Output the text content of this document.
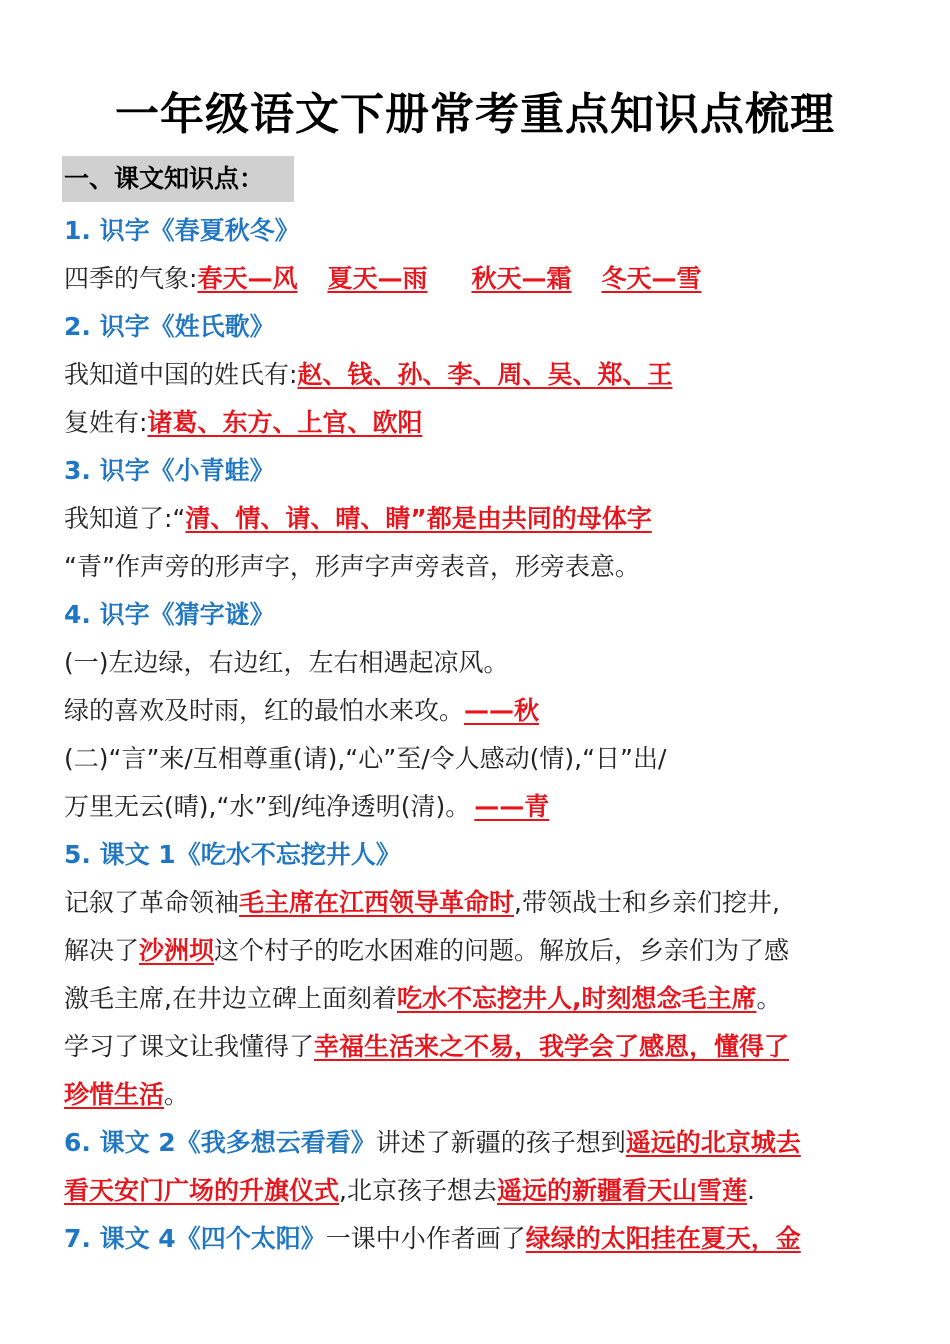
一年级语文下册常考重点知识点梳理
一、课文知识点：
1. 识字《春夏秋冬》
四季的气象:春天—风 夏天—雨 秋天—霜 冬天—雪
2. 识字《姓氏歌》
我知道中国的姓氏有:赵、钱、孙、李、周、吴、郑、王
复姓有:诸葛、东方、上官、欧阳
3. 识字《小青蛙》
我知道了:“清、情、请、晴、睛”都是由共同的母体字
“青”作声旁的形声字，形声字声旁表音，形旁表意。
4. 识字《猜字谜》
(一)左边绿，右边红，左右相遇起凉风。
绿的喜欢及时雨，红的最怕水来攻。——秋
(二)“言”来/互相尊重(请),“心”至/令人感动(情),“日”出/
万里无云(晴),“水”到/纯净透明(清)。 ——青
5. 课文 1《吃水不忘挖井人》
记叙了革命领袖毛主席在江西领导革命时,带领战士和乡亲们挖井,
解决了沙洲坝这个村子的吃水困难的问题。解放后，乡亲们为了感
激毛主席,在井边立碑上面刻着吃水不忘挖井人,时刻想念毛主席。
学习了课文让我懂得了幸福生活来之不易，我学会了感恩，懂得了
珍惜生活。
6. 课文 2《我多想云看看》讲述了新疆的孩子想到遥远的北京城去
看天安门广场的升旗仪式,北京孩子想去遥远的新疆看天山雪莲.
7. 课文 4《四个太阳》一课中小作者画了绿绿的太阳挂在夏天，金
